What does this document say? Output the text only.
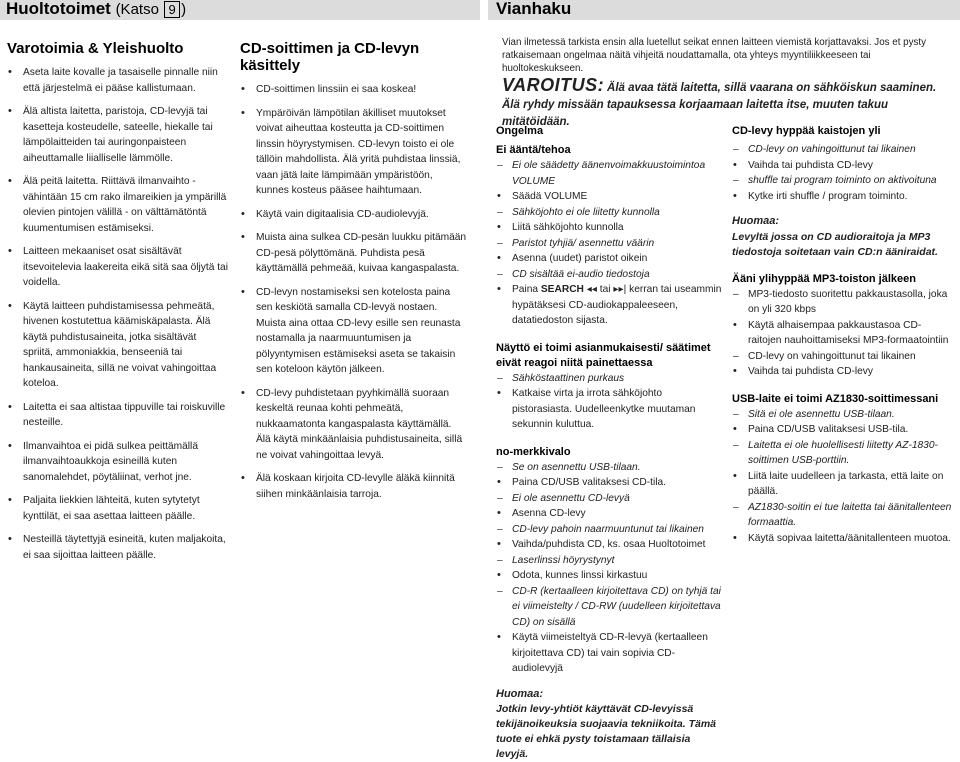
Huoltotoimet (Katso 9 )	Vianhaku
Varotoimia & Yleishuolto
• Aseta laite kovalle ja tasaiselle pinnalle niin että järjestelmä ei pääse kallistumaan.
• Älä altista laitetta, paristoja, CD-levyjä tai kasetteja kosteudelle, sateelle, hiekalle tai lämpölaitteiden tai auringonpaisteen aiheuttamalle liialliselle lämmölle.
• Älä peitä laitetta. Riittävä ilmanvaihto - vähintään 15 cm rako ilmareikien ja ympärillä olevien pintojen välillä - on välttämätöntä kuumentumisen estämiseksi.
• Laitteen mekaaniset osat sisältävät itsevoitelevia laakereita eikä sitä saa öljytä tai voidella.
• Käytä laitteen puhdistamisessa pehmeätä, hivenen kostutettua käämiskäpalasta. Älä käytä puhdistusaineita, jotka sisältävät spriitä, ammoniakkia, benseeniä tai hankausaineita, sillä ne voivat vahingoittaa koteloa.
• Laitetta ei saa altistaa tippuville tai roiskuville nesteille.
• Ilmanvaihtoa ei pidä sulkea peittämällä ilmanvaihtoaukkoja esineillä kuten sanomalehdet, pöytäliinat, verhot jne.
• Paljaita liekkien lähteitä, kuten sytytetyt kynttilät, ei saa asettaa laitteen päälle.
• Nesteillä täytettyjä esineitä, kuten maljakoita, ei saa sijoittaa laitteen päälle.
CD-soittimen ja CD-levyn käsittely
• CD-soittimen linssiin ei saa koskea!
• Ympäröivän lämpötilan äkilliset muutokset voivat aiheuttaa kosteutta ja CD-soittimen linssin höyrystymisen. CD-levyn toisto ei ole tällöin mahdollista. Älä yritä puhdistaa linssiä, vaan jätä laite lämpimään ympäristöön, kunnes kosteus pääsee haihtumaan.
• Käytä vain digitaalisia CD-audiolevyjä.
• Muista aina sulkea CD-pesän luukku pitämään CD-pesä pölyttömänä. Puhdista pesä käyttämällä pehmeää, kuivaa kangaspalasta.
• CD-levyn nostamiseksi sen kotelosta paina sen keskiötä samalla CD-levyä nostaen. Muista aina ottaa CD-levy esille sen reunasta nostamalla ja naarmuuntumisen ja pölyyntymisen estämiseksi aseta se takaisin sen koteloon käytön jälkeen.
• CD-levy puhdistetaan pyyhkimällä suoraan keskeltä reunaa kohti pehmeätä, nukkaamatonta kangaspalasta käyttämällä. Älä käytä minkäänlaisia puhdistusaineita, sillä ne voivat vahingoittaa levyä.
• Älä koskaan kirjoita CD-levylle äläkä kiinnitä siihen minkäänlaisia tarroja.
Vian ilmetessä tarkista ensin alla luetellut seikat ennen laitteen viemistä korjattavaksi. Jos et pysty ratkaisemaan ongelmaa näitä vihjeitä noudattamalla, ota yhteys myyntiliikkeeseen tai huoltokeskukseen.
VAROITUS: Älä avaa tätä laitetta, sillä vaarana on sähköiskun saaminen. Älä ryhdy missään tapauksessa korjaamaan laitetta itse, muuten takuu mitätöidään.
Ongelma
Ei ääntä/tehoa
– Ei ole säädetty äänenvoimakkuustoimintoa VOLUME
• Säädä VOLUME
– Sähköjohto ei ole liitetty kunnolla
• Liitä sähköjohto kunnolla
– Paristot tyhjiä/ asennettu väärin
• Asenna (uudet) paristot oikein
– CD sisältää ei-audio tiedostoja
• Paina SEARCH ◂◂ tai ▸▸| kerran tai useammin hypätäksesi CD-audiokappaleeseen, datatiedoston sijasta.
Näyttö ei toimi asianmukaisesti/ säätimet eivät reagoi niitä painettaessa
– Sähköstaattinen purkaus
• Katkaise virta ja irrota sähköjohto pistorasiasta. Uudelleenkytke muutaman sekunnin kuluttua.
no-merkkivalo
– Se on asennettu USB-tilaan.
• Paina CD/USB valitaksesi CD-tila.
– Ei ole asennettu CD-levyä
• Asenna CD-levy
– CD-levy pahoin naarmuuntunut tai likainen
• Vaihda/puhdista CD, ks. osaa Huoltotoimet
– Laserlinssi höyrystynyt
• Odota, kunnes linssi kirkastuu
– CD-R (kertaalleen kirjoitettava CD) on tyhjä tai ei viimeistelty / CD-RW (uudelleen kirjoitettava CD) on sisällä
• Käytä viimeisteltyä CD-R-levyä (kertaalleen kirjoitettava CD) tai vain sopivia CD-audiolevyjä
Huomaa:
Jotkin levy-yhtiöt käyttävät CD-levyissä tekijänoikeuksia suojaavia tekniikoita. Tämä tuote ei ehkä pysty toistamaan tällaisia levyjä.
CD-levy hyppää kaistojen yli
– CD-levy on vahingoittunut tai likainen
• Vaihda tai puhdista CD-levy
– shuffle tai program toiminto on aktivoituna
• Kytke irti shuffle / program toiminto.
Huomaa:
Levyltä jossa on CD audioraitoja ja MP3 tiedostoja soitetaan vain CD:n ääniraidat.
Ääni ylihyppää MP3-toiston jälkeen
– MP3-tiedosto suoritettu pakkaustasolla, joka on yli 320 kbps
• Käytä alhaisempaa pakkaustasoa CD-raitojen nauhoittamiseksi MP3-formaatointiin
– CD-levy on vahingoittunut tai likainen
• Vaihda tai puhdista CD-levy
USB-laite ei toimi AZ1830-soittimessani
– Sitä ei ole asennettu USB-tilaan.
• Paina CD/USB valitaksesi USB-tila.
– Laitetta ei ole huolellisesti liitetty AZ-1830-soittimen USB-porttiin.
• Liitä laite uudelleen ja tarkasta, että laite on päällä.
– AZ1830-soitin ei tue laitetta tai äänitallenteen formaattia.
• Käytä sopivaa laitetta/äänitallenteen muotoa.
